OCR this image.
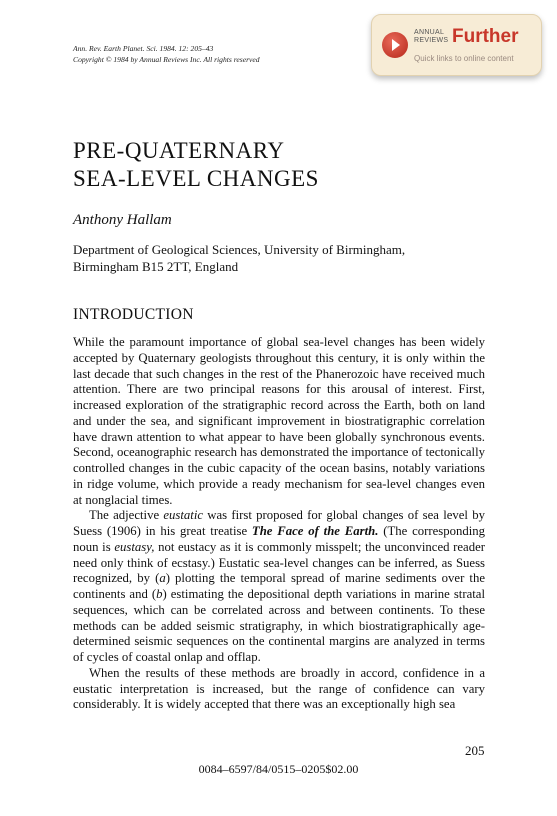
Ann. Rev. Earth Planet. Sci. 1984. 12: 205–43
Copyright © 1984 by Annual Reviews Inc. All rights reserved
ANNUAL
REVIEWS Further
Quick links to online content
PRE-QUATERNARY
SEA-LEVEL CHANGES
Anthony Hallam
Department of Geological Sciences, University of Birmingham,
Birmingham B15 2TT, England
INTRODUCTION

While the paramount importance of global sea-level changes has been widely accepted by Quaternary geologists throughout this century, it is only within the last decade that such changes in the rest of the Phanerozoic have received much attention. There are two principal reasons for this arousal of interest. First, increased exploration of the stratigraphic record across the Earth, both on land and under the sea, and significant improvement in biostratigraphic correlation have drawn attention to what appear to have been globally synchronous events. Second, oceanographic research has demonstrated the importance of tectonically controlled changes in the cubic capacity of the ocean basins, notably variations in ridge volume, which provide a ready mechanism for sea-level changes even at nonglacial times.

The adjective eustatic was first proposed for global changes of sea level by Suess (1906) in his great treatise The Face of the Earth. (The corresponding noun is eustasy, not eustacy as it is commonly misspelt; the unconvinced reader need only think of ecstasy.) Eustatic sea-level changes can be inferred, as Suess recognized, by (a) plotting the temporal spread of marine sediments over the continents and (b) estimating the depositional depth variations in marine stratal sequences, which can be correlated across and between continents. To these methods can be added seismic stratigraphy, in which biostratigraphically age-determined seismic sequences on the continental margins are analyzed in terms of cycles of coastal onlap and offlap.

When the results of these methods are broadly in accord, confidence in a eustatic interpretation is increased, but the range of confidence can vary considerably. It is widely accepted that there was an exceptionally high sea

205
0084–6597/84/0515–0205$02.00
